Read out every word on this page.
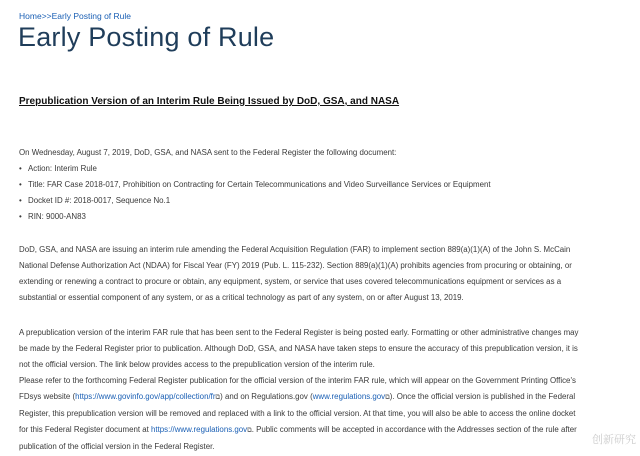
Home>>Early Posting of Rule
Early Posting of Rule
Prepublication Version of an Interim Rule Being Issued by DoD, GSA, and NASA

On Wednesday, August 7, 2019, DoD, GSA, and NASA sent to the Federal Register the following document:

• Action: Interim Rule
• Title: FAR Case 2018-017, Prohibition on Contracting for Certain Telecommunications and Video Surveillance Services or Equipment
• Docket ID #: 2018-0017, Sequence No.1
• RIN: 9000-AN83

DoD, GSA, and NASA are issuing an interim rule amending the Federal Acquisition Regulation (FAR) to implement section 889(a)(1)(A) of the John S. McCain
National Defense Authorization Act (NDAA) for Fiscal Year (FY) 2019 (Pub. L. 115-232). Section 889(a)(1)(A) prohibits agencies from procuring or obtaining, or
extending or renewing a contract to procure or obtain, any equipment, system, or service that uses covered telecommunications equipment or services as a
substantial or essential component of any system, or as a critical technology as part of any system, on or after August 13, 2019.

A prepublication version of the interim FAR rule that has been sent to the Federal Register is being posted early. Formatting or other administrative changes may
be made by the Federal Register prior to publication. Although DoD, GSA, and NASA have taken steps to ensure the accuracy of this prepublication version, it is
not the official version. The link below provides access to the prepublication version of the interim rule.

Please refer to the forthcoming Federal Register publication for the official version of the interim FAR rule, which will appear on the Government Printing Office's
FDsys website (https://www.govinfo.gov/app/collection/fr⧉) and on Regulations.gov (www.regulations.gov⧉). Once the official version is published in the Federal
Register, this prepublication version will be removed and replaced with a link to the official version. At that time, you will also be able to access the online docket
for this Federal Register document at https://www.regulations.gov⧉. Public comments will be accepted in accordance with the Addresses section of the rule after
publication of the official version in the Federal Register.

创新研究
